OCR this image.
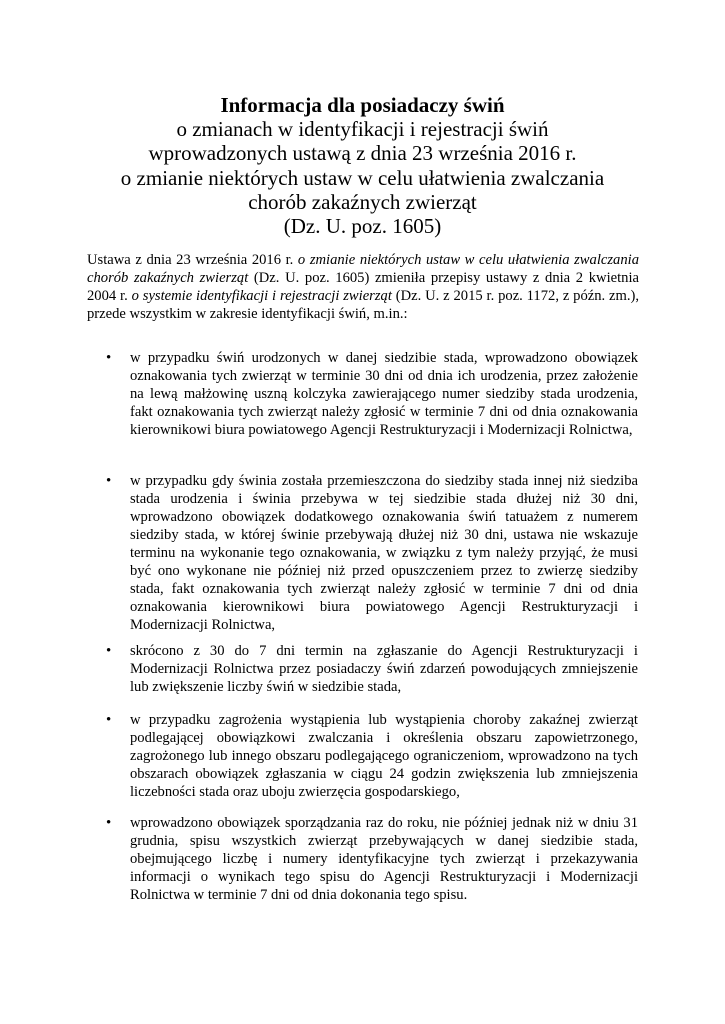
Informacja dla posiadaczy świń
o zmianach w identyfikacji i rejestracji świń
wprowadzonych ustawą z dnia 23 września 2016 r.
o zmianie niektórych ustaw w celu ułatwienia zwalczania
chorób zakaźnych zwierząt
(Dz. U. poz. 1605)

Ustawa z dnia 23 września 2016 r. o zmianie niektórych ustaw w celu ułatwienia zwalczania chorób zakaźnych zwierząt (Dz. U. poz. 1605) zmieniła przepisy ustawy z dnia 2 kwietnia 2004 r. o systemie identyfikacji i rejestracji zwierząt (Dz. U. z 2015 r. poz. 1172, z późn. zm.), przede wszystkim w zakresie identyfikacji świń, m.in.:

•	w przypadku świń urodzonych w danej siedzibie stada, wprowadzono obowiązek oznakowania tych zwierząt w terminie 30 dni od dnia ich urodzenia, przez założenie na lewą małżowinę uszną kolczyka zawierającego numer siedziby stada urodzenia, fakt oznakowania tych zwierząt należy zgłosić w terminie 7 dni od dnia oznakowania kierownikowi biura powiatowego Agencji Restrukturyzacji i Modernizacji Rolnictwa,
•	w przypadku gdy świnia została przemieszczona do siedziby stada innej niż siedziba stada urodzenia i świnia przebywa w tej siedzibie stada dłużej niż 30 dni, wprowadzono obowiązek dodatkowego oznakowania świń tatuażem z numerem siedziby stada, w której świnie przebywają dłużej niż 30 dni, ustawa nie wskazuje terminu na wykonanie tego oznakowania, w związku z tym należy przyjąć, że musi być ono wykonane nie później niż przed opuszczeniem przez to zwierzę siedziby stada, fakt oznakowania tych zwierząt należy zgłosić w terminie 7 dni od dnia oznakowania kierownikowi biura powiatowego Agencji Restrukturyzacji i Modernizacji Rolnictwa,
•	skrócono z 30 do 7 dni termin na zgłaszanie do Agencji Restrukturyzacji i Modernizacji Rolnictwa przez posiadaczy świń zdarzeń powodujących zmniejszenie lub zwiększenie liczby świń w siedzibie stada,
•	w przypadku zagrożenia wystąpienia lub wystąpienia choroby zakaźnej zwierząt podlegającej obowiązkowi zwalczania i określenia obszaru zapowietrzonego, zagrożonego lub innego obszaru podlegającego ograniczeniom, wprowadzono na tych obszarach obowiązek zgłaszania w ciągu 24 godzin zwiększenia lub zmniejszenia liczebności stada oraz uboju zwierzęcia gospodarskiego,
•	wprowadzono obowiązek sporządzania raz do roku, nie później jednak niż w dniu 31 grudnia, spisu wszystkich zwierząt przebywających w danej siedzibie stada, obejmującego liczbę i numery identyfikacyjne tych zwierząt i przekazywania informacji o wynikach tego spisu do Agencji Restrukturyzacji i Modernizacji Rolnictwa w terminie 7 dni od dnia dokonania tego spisu.
